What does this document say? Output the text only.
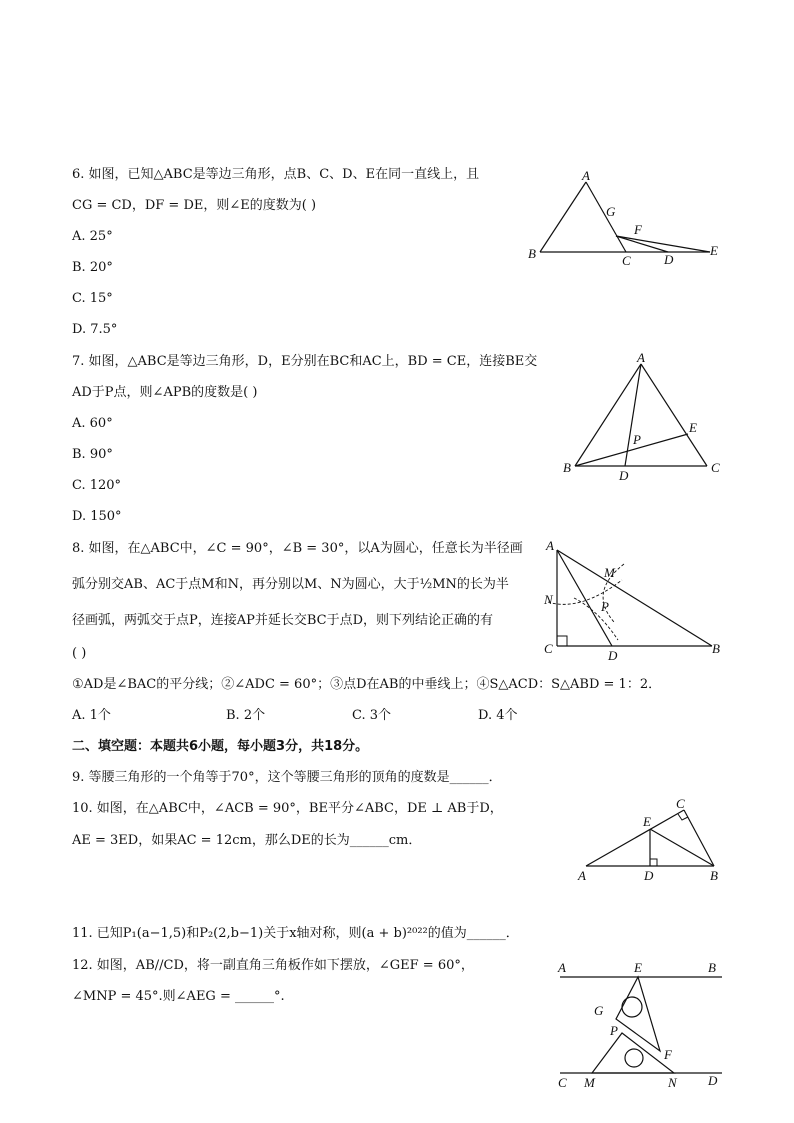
6. 如图，已知△ABC是等边三角形，点B、C、D、E在同一直线上，且
CG = CD，DF = DE，则∠E的度数为( )
A. 25°
B. 20°
C. 15°
D. 7.5°
A
B	C	D
E
F
G
7. 如图，△ABC是等边三角形，D，E分别在BC和AC上，BD = CE，连接BE交
AD于P点，则∠APB的度数是( )
A. 60°
B. 90°
C. 120°
D. 150°
A
B	C
D
E
P
8. 如图，在△ABC中，∠C = 90°，∠B = 30°，以A为圆心，任意长为半径画
弧分别交AB、AC于点M和N，再分别以M、N为圆心，大于½MN的长为半
径画弧，两弧交于点P，连接AP并延长交BC于点D，则下列结论正确的有
( )
①AD是∠BAC的平分线；②∠ADC = 60°；③点D在AB的中垂线上；④S△ACD：S△ABD = 1：2．
A. 1个	B. 2个	C. 3个	D. 4个
A
B
C	D
M
N	P
二、填空题：本题共6小题，每小题3分，共18分。
9. 等腰三角形的一个角等于70°，这个等腰三角形的顶角的度数是______．
10. 如图，在△ABC中，∠ACB = 90°，BE平分∠ABC，DE ⊥ AB于D，
AE = 3ED，如果AC = 12cm，那么DE的长为______cm．
A	B
C
D
E
11. 已知P₁(a−1,5)和P₂(2,b−1)关于x轴对称，则(a + b)²⁰²²的值为______．
12. 如图，AB//CD，将一副直角三角板作如下摆放，∠GEF = 60°，
∠MNP = 45°.则∠AEG = ______°.
A	B
C	D
E
F
G
M	N
P
